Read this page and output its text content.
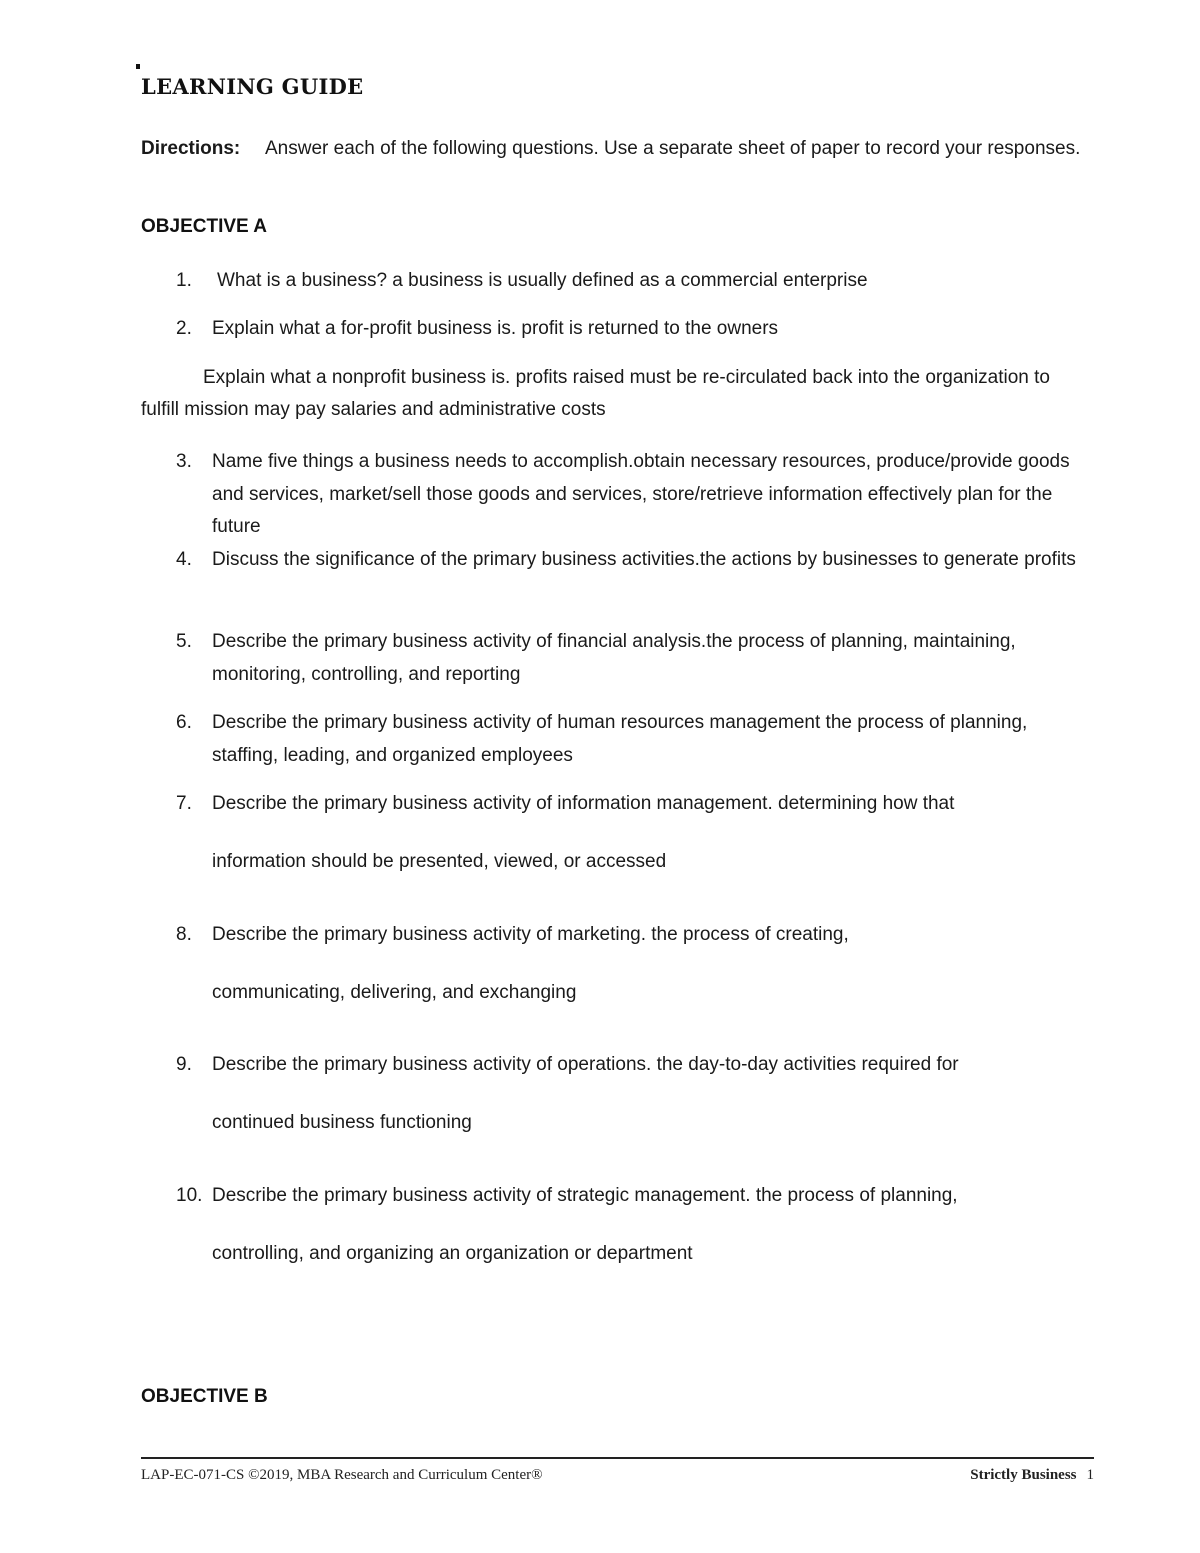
LEARNING GUIDE
Directions: Answer each of the following questions. Use a separate sheet of paper to record your responses.
OBJECTIVE A
1. What is a business? a business is usually defined as a commercial enterprise
2. Explain what a for-profit business is. profit is returned to the owners
Explain what a nonprofit business is. profits raised must be re-circulated back into the organization to fulfill mission may pay salaries and administrative costs
3. Name five things a business needs to accomplish.obtain necessary resources, produce/provide goods and services, market/sell those goods and services, store/retrieve information effectively plan for the future
4. Discuss the significance of the primary business activities.the actions by businesses to generate profits
5. Describe the primary business activity of financial analysis.the process of planning, maintaining, monitoring, controlling, and reporting
6. Describe the primary business activity of human resources management the process of planning, staffing, leading, and organized employees
7. Describe the primary business activity of information management. determining how that
information should be presented, viewed, or accessed
8. Describe the primary business activity of marketing. the process of creating,
communicating, delivering, and exchanging
9. Describe the primary business activity of operations. the day-to-day activities required for
continued business functioning
10. Describe the primary business activity of strategic management. the process of planning,
controlling, and organizing an organization or department
OBJECTIVE B
LAP-EC-071-CS ©2019, MBA Research and Curriculum Center®	Strictly Business 1
